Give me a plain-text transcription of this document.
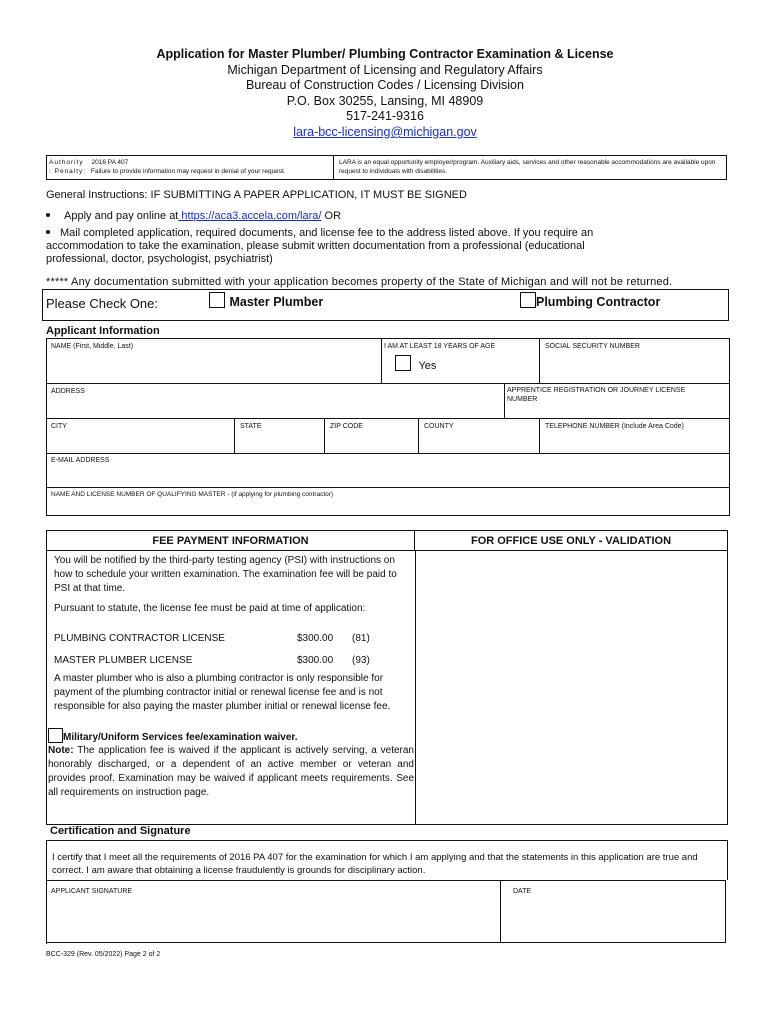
Application for Master Plumber/ Plumbing Contractor Examination & License
Michigan Department of Licensing and Regulatory Affairs
Bureau of Construction Codes / Licensing Division
P.O. Box 30255, Lansing, MI 48909
517-241-9316
lara-bcc-licensing@michigan.gov
Authority 2016 PA 407
: Penalty: Failure to provide information may request in denial of your request.
LARA is an equal opportunity employer/program. Auxiliary aids, services and other reasonable accommodations are available upon request to individuals with disabilities.
General Instructions: IF SUBMITTING A PAPER APPLICATION, IT MUST BE SIGNED
Apply and pay online at https://aca3.accela.com/lara/ OR
Mail completed application, required documents, and license fee to the address listed above. If you require an accommodation to take the examination, please submit written documentation from a professional (educational professional, doctor, psychologist, psychiatrist)
***** Any documentation submitted with your application becomes property of the State of Michigan and will not be returned.
Please Check One:	Master Plumber	Plumbing Contractor
Applicant Information
NAME (First, Middle, Last)	I AM AT LEAST 18 YEARS OF AGE
Yes
SOCIAL SECURITY NUMBER
ADDRESS	APPRENTICE REGISTRATION OR JOURNEY LICENSE NUMBER
CITY	STATE	ZIP CODE	COUNTY	TELEPHONE NUMBER (Include Area Code)
E-MAIL ADDRESS
NAME AND LICENSE NUMBER OF QUALIFYING MASTER - (if applying for plumbing contractor)
FEE PAYMENT INFORMATION	FOR OFFICE USE ONLY - VALIDATION
You will be notified by the third-party testing agency (PSI) with instructions on how to schedule your written examination. The examination fee will be paid to PSI at that time.
Pursuant to statute, the license fee must be paid at time of application:
PLUMBING CONTRACTOR LICENSE	$300.00 (81)
MASTER PLUMBER LICENSE	$300.00 (93)
A master plumber who is also a plumbing contractor is only responsible for payment of the plumbing contractor initial or renewal license fee and is not responsible for also paying the master plumber initial or renewal license fee.
Military/Uniform Services fee/examination waiver.
Note: The application fee is waived if the applicant is actively serving, a veteran honorably discharged, or a dependent of an active member or veteran and provides proof. Examination may be waived if applicant meets requirements. See all requirements on instruction page.
Certification and Signature
I certify that I meet all the requirements of 2016 PA 407 for the examination for which I am applying and that the statements in this application are true and correct. I am aware that obtaining a license fraudulently is grounds for disciplinary action.
APPLICANT SIGNATURE	DATE
BCC-329 (Rev. 05/2022) Page 2 of 2
